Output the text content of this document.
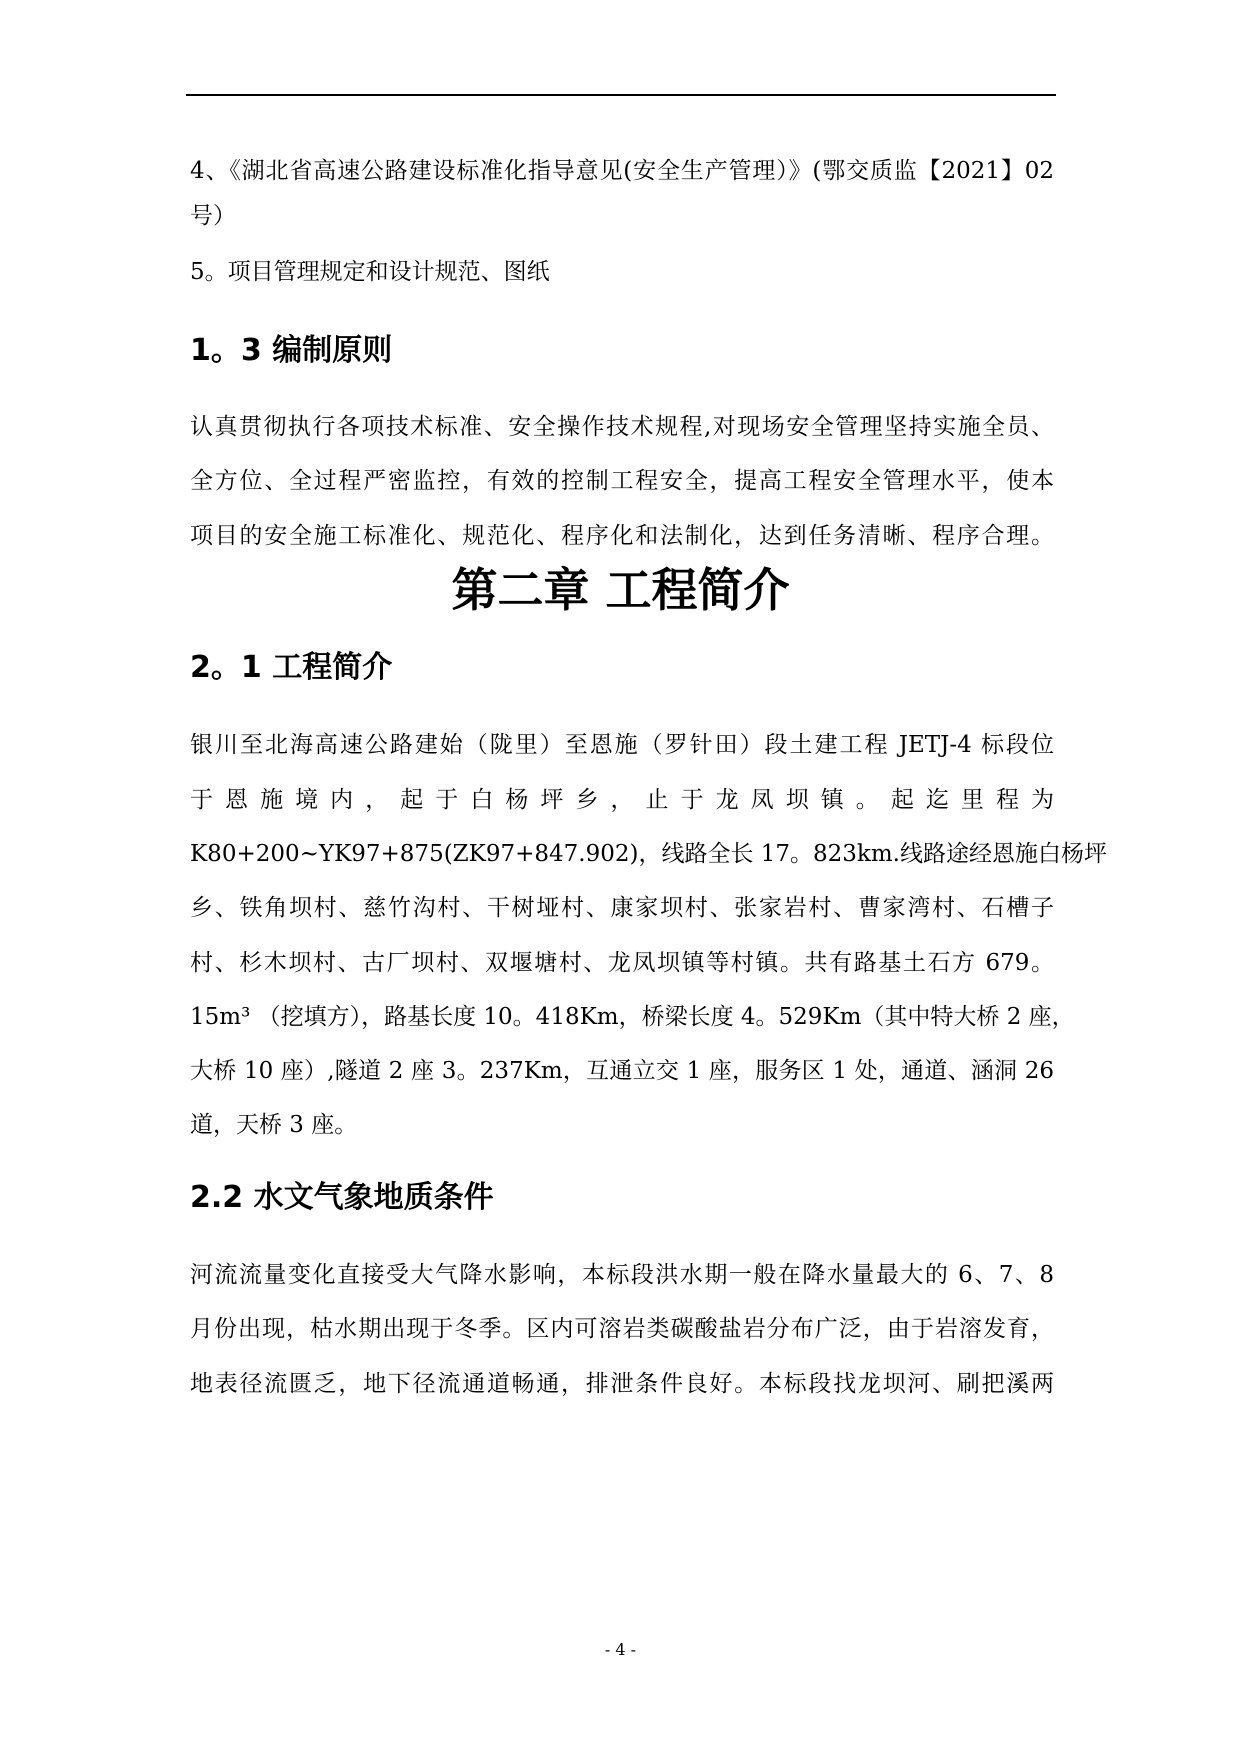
4、《湖北省高速公路建设标准化指导意见(安全生产管理）》(鄂交质监【2021】02
号）
5。项目管理规定和设计规范、图纸
1。3 编制原则
认真贯彻执行各项技术标准、安全操作技术规程,对现场安全管理坚持实施全员、
全方位、全过程严密监控，有效的控制工程安全，提高工程安全管理水平，使本
项目的安全施工标准化、规范化、程序化和法制化，达到任务清晰、程序合理。
第二章 工程简介
2。1 工程简介
银川至北海高速公路建始（陇里）至恩施（罗针田）段土建工程 JETJ-4 标段位
于恩施境内，起于白杨坪乡，止于龙凤坝镇。起迄里程为
K80+200~YK97+875(ZK97+847.902)，线路全长 17。823km.线路途经恩施白杨坪
乡、铁角坝村、慈竹沟村、干树垭村、康家坝村、张家岩村、曹家湾村、石槽子
村、杉木坝村、古厂坝村、双堰塘村、龙凤坝镇等村镇。共有路基土石方 679。
15m³ （挖填方），路基长度 10。418Km，桥梁长度 4。529Km（其中特大桥 2 座，
大桥 10 座）,隧道 2 座 3。237Km，互通立交 1 座，服务区 1 处，通道、涵洞 26
道，天桥 3 座。
2.2 水文气象地质条件
河流流量变化直接受大气降水影响，本标段洪水期一般在降水量最大的 6、7、8
月份出现，枯水期出现于冬季。区内可溶岩类碳酸盐岩分布广泛，由于岩溶发育，
地表径流匮乏，地下径流通道畅通，排泄条件良好。本标段找龙坝河、刷把溪两
- 4 -
